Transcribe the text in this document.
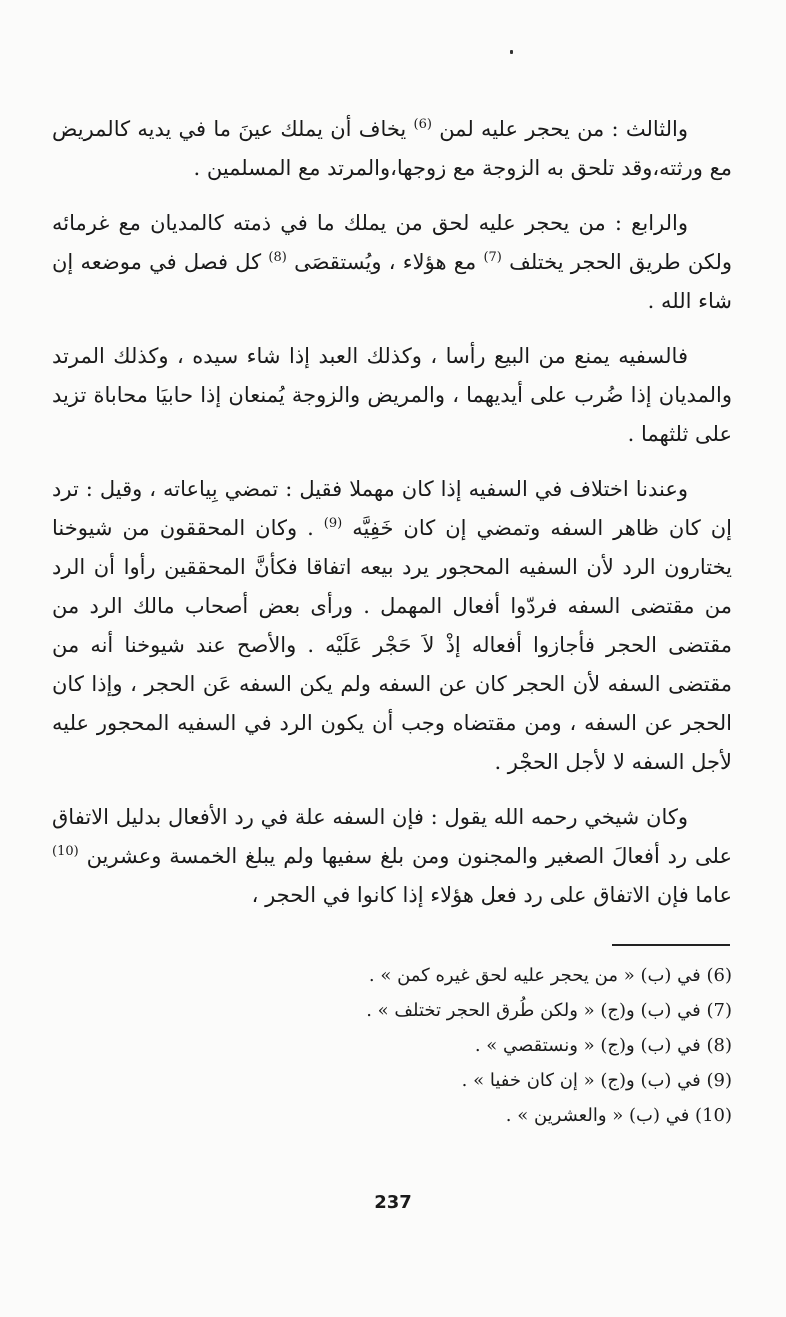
والثالث : من يحجر عليه لمن $^{(6)}$ يخاف أن يملك عينَ ما في يديه كالمريض مع ورثته،وقد تلحق به الزوجة مع زوجها،والمرتد مع المسلمين .

والرابع : من يحجر عليه لحق من يملك ما في ذمته كالمديان مع غرمائه ولكن طريق الحجر يختلف $^{(7)}$ مع هؤلاء ، ويُستقصَى $^{(8)}$ كل فصل في موضعه إن شاء الله .

فالسفيه يمنع من البيع رأسا ، وكذلك العبد إذا شاء سيده ، وكذلك المرتد والمديان إذا ضُرب على أيديهما ، والمريض والزوجة يُمنعان إذا حابيَا محاباة تزيد على ثلثهما .

وعندنا اختلاف في السفيه إذا كان مهملا فقيل : تمضي بِياعاته ، وقيل : ترد إن كان ظاهر السفه وتمضي إن كان خَفِيَّه $^{(9)}$ . وكان المحققون من شيوخنا يختارون الرد لأن السفيه المحجور يرد بيعه اتفاقا فكأنَّ المحققين رأوا أن الرد من مقتضى السفه فردّوا أفعال المهمل . ورأى بعض أصحاب مالك الرد من مقتضى الحجر فأجازوا أفعاله إذْ لاَ حَجْر عَلَيْه . والأصح عند شيوخنا أنه من مقتضى السفه لأن الحجر كان عن السفه ولم يكن السفه عَن الحجر ، وإذا كان الحجر عن السفه ، ومن مقتضاه وجب أن يكون الرد في السفيه المحجور عليه لأجل السفه لا لأجل الحجْر .

وكان شيخي رحمه الله يقول : فإن السفه علة في رد الأفعال بدليل الاتفاق على رد أفعالَ الصغير والمجنون ومن بلغ سفيها ولم يبلغ الخمسة وعشرين $^{(10)}$ عاما فإن الاتفاق على رد فعل هؤلاء إذا كانوا في الحجر ،

(6) في (ب) « من يحجر عليه لحق غيره كمن » .

(7) في (ب) و(ج) « ولكن طُرق الحجر تختلف » .

(8) في (ب) و(ج) « ونستقصي » .

(9) في (ب) و(ج) « إن كان خفيا » .

(10) في (ب) « والعشرين » .

237
